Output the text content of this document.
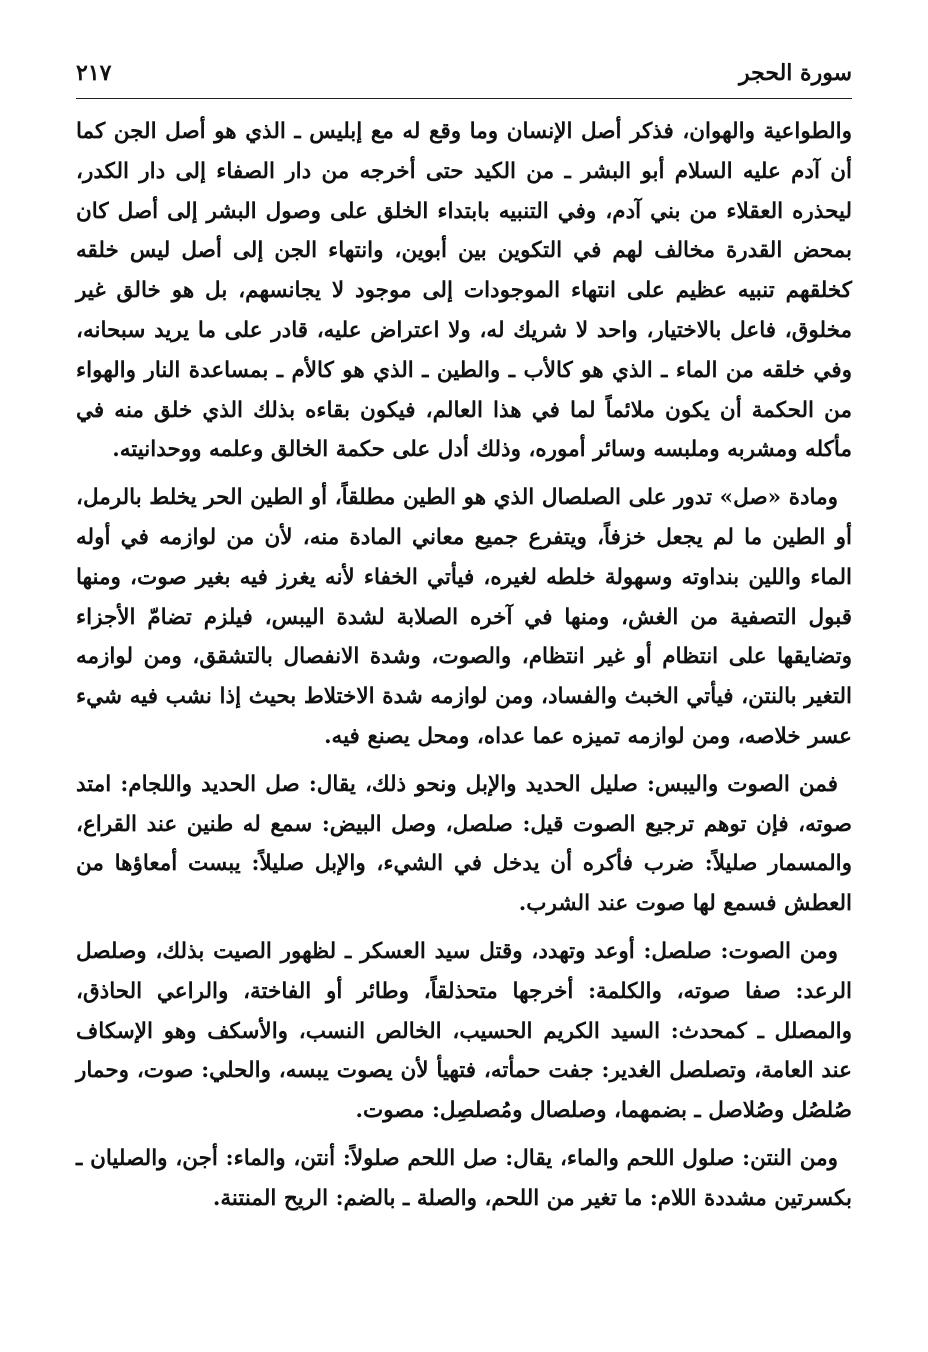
سورة الحجر
٢١٧

والطواعية والهوان، فذكر أصل الإنسان وما وقع له مع إبليس ـ الذي هو أصل الجن كما أن آدم عليه السلام أبو البشر ـ من الكيد حتى أخرجه من دار الصفاء إلى دار الكدر، ليحذره العقلاء من بني آدم، وفي التنبيه بابتداء الخلق على وصول البشر إلى أصل كان بمحض القدرة مخالف لهم في التكوين بين أبوين، وانتهاء الجن إلى أصل ليس خلقه كخلقهم تنبيه عظيم على انتهاء الموجودات إلى موجود لا يجانسهم، بل هو خالق غير مخلوق، فاعل بالاختيار، واحد لا شريك له، ولا اعتراض عليه، قادر على ما يريد سبحانه، وفي خلقه من الماء ـ الذي هو كالأب ـ والطين ـ الذي هو كالأم ـ بمساعدة النار والهواء من الحكمة أن يكون ملائماً لما في هذا العالم، فيكون بقاءه بذلك الذي خلق منه في مأكله ومشربه وملبسه وسائر أموره، وذلك أدل على حكمة الخالق وعلمه ووحدانيته.

ومادة «صل» تدور على الصلصال الذي هو الطين مطلقاً، أو الطين الحر يخلط بالرمل، أو الطين ما لم يجعل خزفاً، ويتفرع جميع معاني المادة منه، لأن من لوازمه في أوله الماء واللين بنداوته وسهولة خلطه لغيره، فيأتي الخفاء لأنه يغرز فيه بغير صوت، ومنها قبول التصفية من الغش، ومنها في آخره الصلابة لشدة اليبس، فيلزم تضامّ الأجزاء وتضايقها على انتظام أو غير انتظام، والصوت، وشدة الانفصال بالتشقق، ومن لوازمه التغير بالنتن، فيأتي الخبث والفساد، ومن لوازمه شدة الاختلاط بحيث إذا نشب فيه شيء عسر خلاصه، ومن لوازمه تميزه عما عداه، ومحل يصنع فيه.

فمن الصوت واليبس: صليل الحديد والإبل ونحو ذلك، يقال: صل الحديد واللجام: امتد صوته، فإن توهم ترجيع الصوت قيل: صلصل، وصل البيض: سمع له طنين عند القراع، والمسمار صليلاً: ضرب فأكره أن يدخل في الشيء، والإبل صليلاً: يبست أمعاؤها من العطش فسمع لها صوت عند الشرب.

ومن الصوت: صلصل: أوعد وتهدد، وقتل سيد العسكر ـ لظهور الصيت بذلك، وصلصل الرعد: صفا صوته، والكلمة: أخرجها متحذلقاً، وطائر أو الفاختة، والراعي الحاذق، والمصلل ـ كمحدث: السيد الكريم الحسيب، الخالص النسب، والأسكف وهو الإسكاف عند العامة، وتصلصل الغدير: جفت حمأته، فتهيأ لأن يصوت يبسه، والحلي: صوت، وحمار صُلصُل وصُلاصل ـ بضمهما، وصلصال ومُصلصِل: مصوت.

ومن النتن: صلول اللحم والماء، يقال: صل اللحم صلولاً: أنتن، والماء: أجن، والصليان ـ بكسرتين مشددة اللام: ما تغير من اللحم، والصلة ـ بالضم: الريح المنتنة.
